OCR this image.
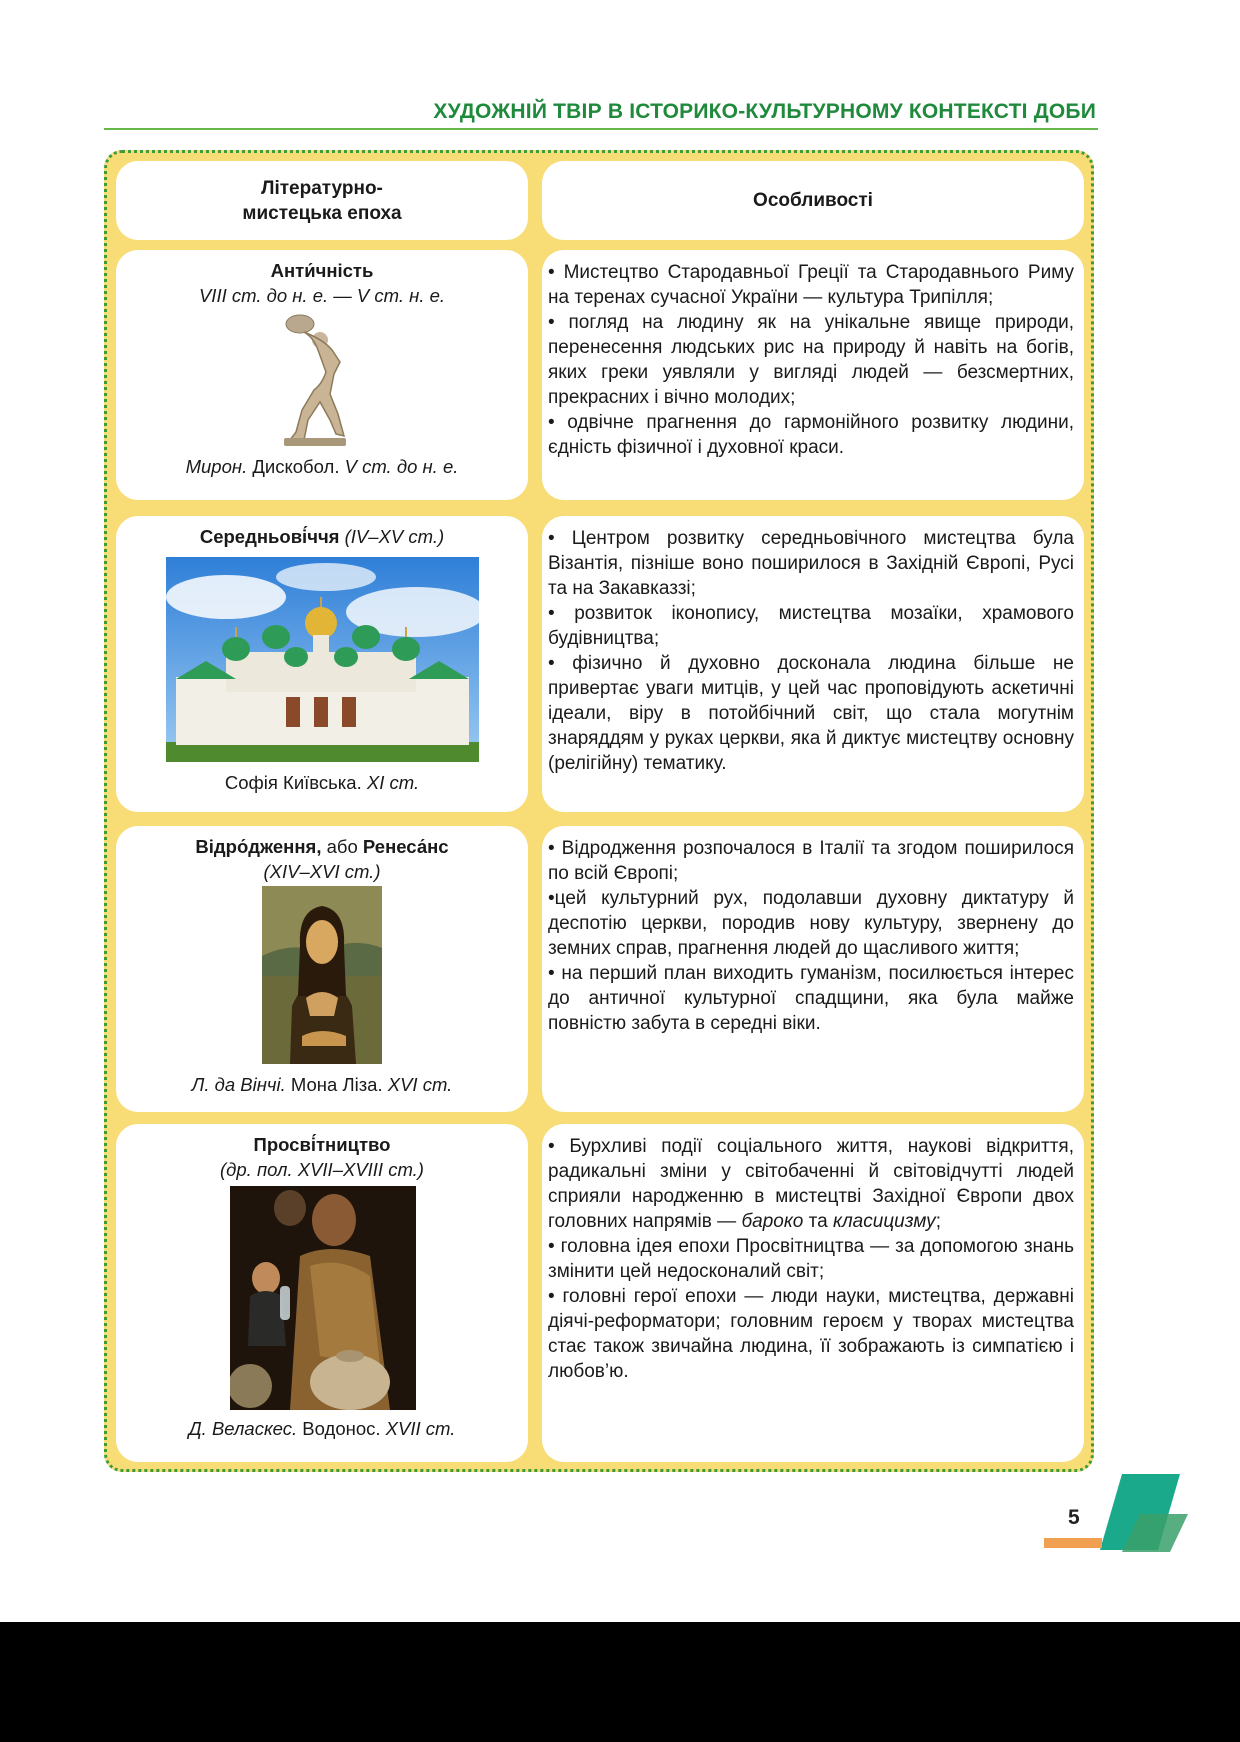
ХУДОЖНІЙ ТВІР В ІСТОРИКО-КУЛЬТУРНОМУ КОНТЕКСТІ ДОБИ
Літературно-
мистецька епоха
Особливості
Анти́чність
VIII ст. до н. е. — V ст. н. е.
Мирон. Дискобол. V ст. до н. е.

• Мистецтво Стародавньої Греції та Стародавнього Риму на теренах сучасної України — культура Трипілля;

• погляд на людину як на унікальне явище природи, перенесення людських рис на природу й навіть на богів, яких греки уявляли у вигляді людей — безсмертних, прекрасних і вічно молодих;

• одвічне прагнення до гармонійного розвитку людини, єдність фізичної і духовної краси.

Середньові́ччя (IV–XV ст.)
Софія Київська. XI ст.

• Центром розвитку середньовічного мистецтва була Візантія, пізніше воно поширилося в Західній Європі, Русі та на Закавказзі;

• розвиток іконопису, мистецтва мозаїки, храмового будівництва;

• фізично й духовно досконала людина більше не привертає уваги митців, у цей час проповідують аскетичні ідеали, віру в потойбічний світ, що стала могутнім знаряддям у руках церкви, яка й диктує мистецтву основну (релігійну) тематику.

Відро́дження, або Ренеса́нс
(XIV–XVI ст.)
Л. да Вінчі. Мона Ліза. XVI ст.

• Відродження розпочалося в Італії та згодом поширилося по всій Європі;

•цей культурний рух, подолавши духовну диктатуру й деспотію церкви, породив нову культуру, звернену до земних справ, прагнення людей до щасливого життя;

• на перший план виходить гуманізм, посилюється інтерес до античної культурної спадщини, яка була майже повністю забута в середні віки.

Просві́тництво
(др. пол. XVII–XVIII ст.)
Д. Веласкес. Водонос. XVII ст.

• Бурхливі події соціального життя, наукові відкриття, радикальні зміни у світобаченні й світовідчутті людей сприяли народженню в мистецтві Західної Європи двох головних напрямів — бароко та класицизму;

• головна ідея епохи Просвітництва — за допомогою знань змінити цей недосконалий світ;

• головні герої епохи — люди науки, мистецтва, державні діячі-реформатори; головним героєм у творах мистецтва стає також звичайна людина, її зображають із симпатією і любов’ю.

5
